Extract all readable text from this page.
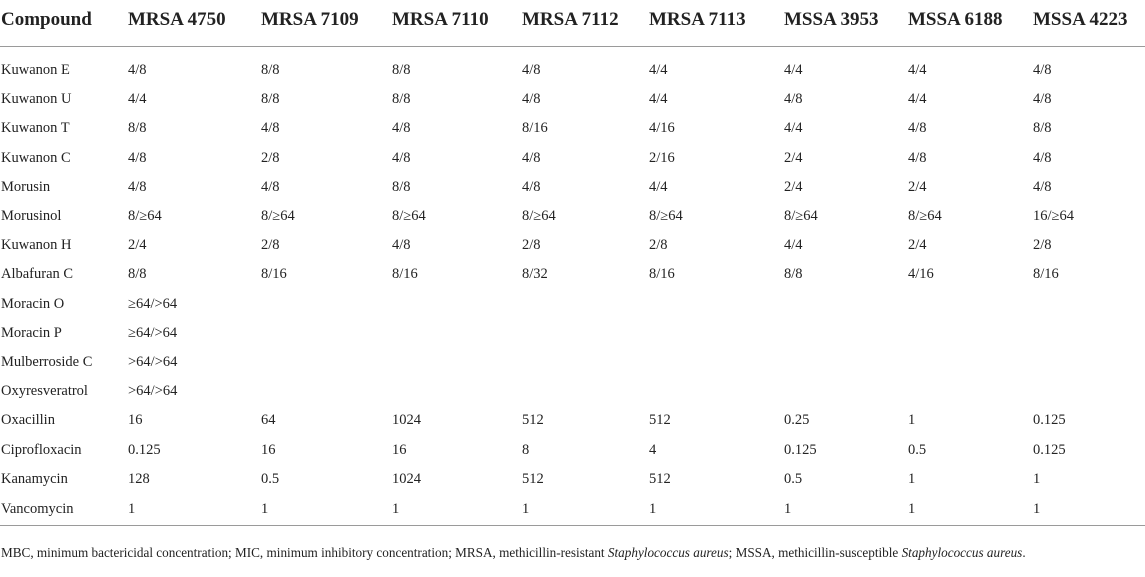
Compound	MRSA 4750	MRSA 7109	MRSA 7110	MRSA 7112	MRSA 7113	MSSA 3953	MSSA 6188	MSSA 4223

Kuwanon E	4/8	8/8	8/8	4/8	4/4	4/4	4/4	4/8
Kuwanon U	4/4	8/8	8/8	4/8	4/4	4/8	4/4	4/8
Kuwanon T	8/8	4/8	4/8	8/16	4/16	4/4	4/8	8/8
Kuwanon C	4/8	2/8	4/8	4/8	2/16	2/4	4/8	4/8
Morusin	4/8	4/8	8/8	4/8	4/4	2/4	2/4	4/8
Morusinol	8/≥64	8/≥64	8/≥64	8/≥64	8/≥64	8/≥64	8/≥64	16/≥64
Kuwanon H	2/4	2/8	4/8	2/8	2/8	4/4	2/4	2/8
Albafuran C	8/8	8/16	8/16	8/32	8/16	8/8	4/16	8/16
Moracin O	≥64/>64							
Moracin P	≥64/>64							
Mulberroside C	>64/>64							
Oxyresveratrol	>64/>64							
Oxacillin	16	64	1024	512	512	0.25	1	0.125
Ciprofloxacin	0.125	16	16	8	4	0.125	0.5	0.125
Kanamycin	128	0.5	1024	512	512	0.5	1	1
Vancomycin	1	1	1	1	1	1	1	1
MBC, minimum bactericidal concentration; MIC, minimum inhibitory concentration; MRSA, methicillin-resistant Staphylococcus aureus; MSSA, methicillin-susceptible Staphylococcus aureus.
